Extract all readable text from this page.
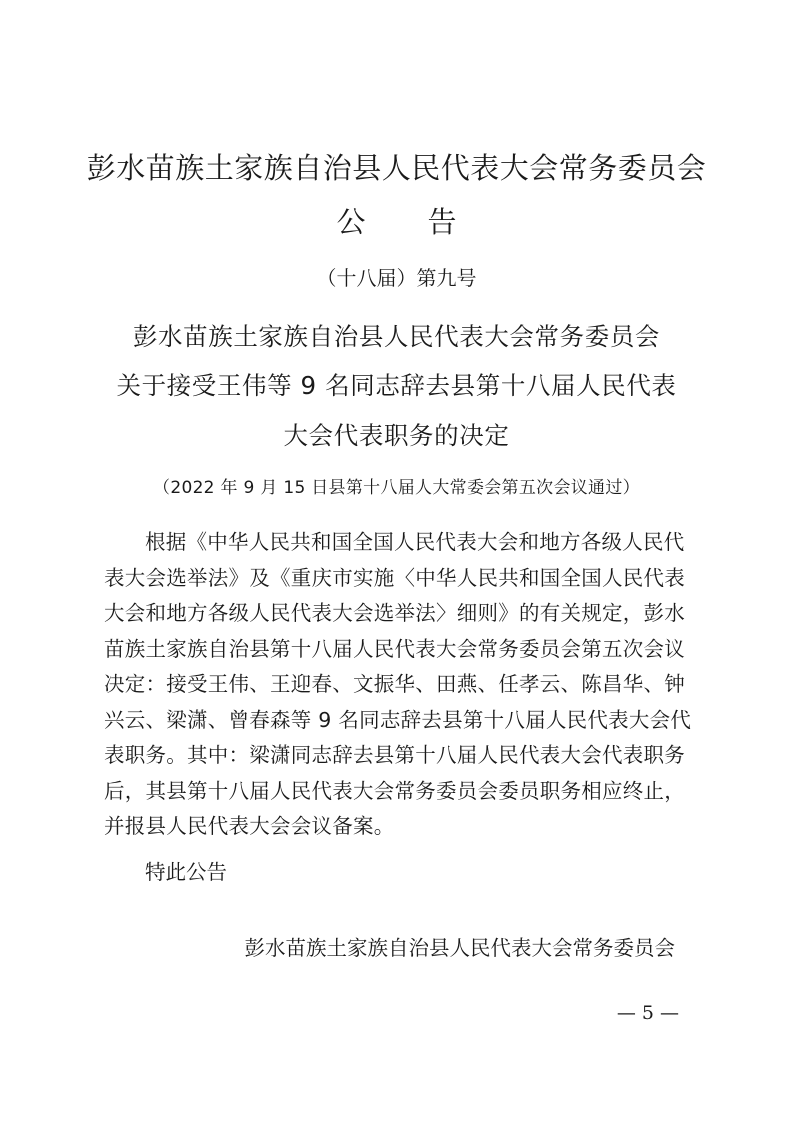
彭水苗族土家族自治县人民代表大会常务委员会
公 告
（十八届）第九号
彭水苗族土家族自治县人民代表大会常务委员会
关于接受王伟等 9 名同志辞去县第十八届人民代表
大会代表职务的决定
（2022 年 9 月 15 日县第十八届人大常委会第五次会议通过）
根据《中华人民共和国全国人民代表大会和地方各级人民代
表大会选举法》及《重庆市实施〈中华人民共和国全国人民代表
大会和地方各级人民代表大会选举法〉细则》的有关规定，彭水
苗族土家族自治县第十八届人民代表大会常务委员会第五次会议
决定：接受王伟、王迎春、文振华、田燕、任孝云、陈昌华、钟
兴云、梁潇、曾春森等 9 名同志辞去县第十八届人民代表大会代
表职务。其中：梁潇同志辞去县第十八届人民代表大会代表职务
后，其县第十八届人民代表大会常务委员会委员职务相应终止，
并报县人民代表大会会议备案。
特此公告
彭水苗族土家族自治县人民代表大会常务委员会
— 5 —
